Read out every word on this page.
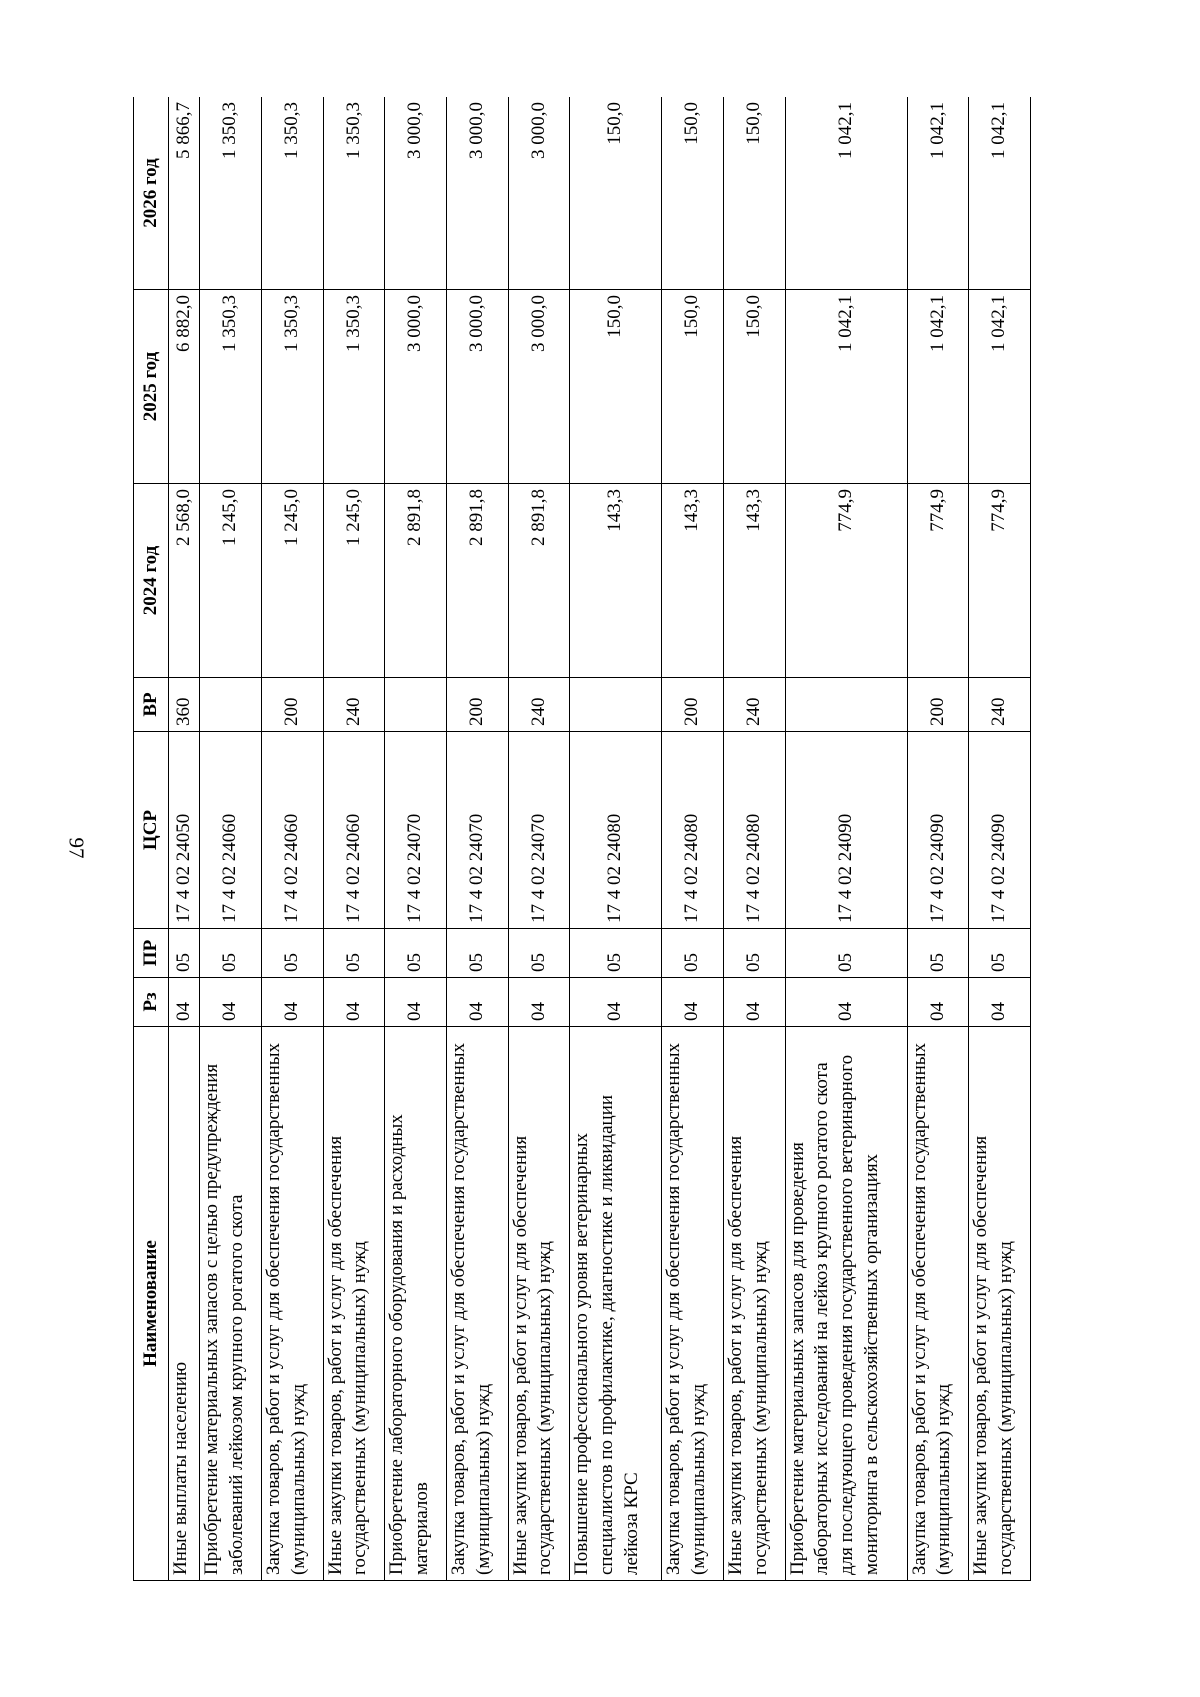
97
Наименование	Рз	ПР	ЦСР	ВР	2024 год	2025 год	2026 год
Иные выплаты населению	04	05	17 4 02 24050	360	2 568,0	6 882,0	5 866,7
Приобретение материальных запасов с целью предупреждения заболеваний лейкозом крупного рогатого скота	04	05	17 4 02 24060		1 245,0	1 350,3	1 350,3
Закупка товаров, работ и услуг для обеспечения государственных (муниципальных) нужд	04	05	17 4 02 24060	200	1 245,0	1 350,3	1 350,3
Иные закупки товаров, работ и услуг для обеспечения государственных (муниципальных) нужд	04	05	17 4 02 24060	240	1 245,0	1 350,3	1 350,3
Приобретение лабораторного оборудования и расходных материалов	04	05	17 4 02 24070		2 891,8	3 000,0	3 000,0
Закупка товаров, работ и услуг для обеспечения государственных (муниципальных) нужд	04	05	17 4 02 24070	200	2 891,8	3 000,0	3 000,0
Иные закупки товаров, работ и услуг для обеспечения государственных (муниципальных) нужд	04	05	17 4 02 24070	240	2 891,8	3 000,0	3 000,0
Повышение профессионального уровня ветеринарных специалистов по профилактике, диагностике и ликвидации лейкоза КРС	04	05	17 4 02 24080		143,3	150,0	150,0
Закупка товаров, работ и услуг для обеспечения государственных (муниципальных) нужд	04	05	17 4 02 24080	200	143,3	150,0	150,0
Иные закупки товаров, работ и услуг для обеспечения государственных (муниципальных) нужд	04	05	17 4 02 24080	240	143,3	150,0	150,0
Приобретение материальных запасов для проведения лабораторных исследований на лейкоз крупного рогатого скота для последующего проведения государственного ветеринарного мониторинга в сельскохозяйственных организациях	04	05	17 4 02 24090		774,9	1 042,1	1 042,1
Закупка товаров, работ и услуг для обеспечения государственных (муниципальных) нужд	04	05	17 4 02 24090	200	774,9	1 042,1	1 042,1
Иные закупки товаров, работ и услуг для обеспечения государственных (муниципальных) нужд	04	05	17 4 02 24090	240	774,9	1 042,1	1 042,1
